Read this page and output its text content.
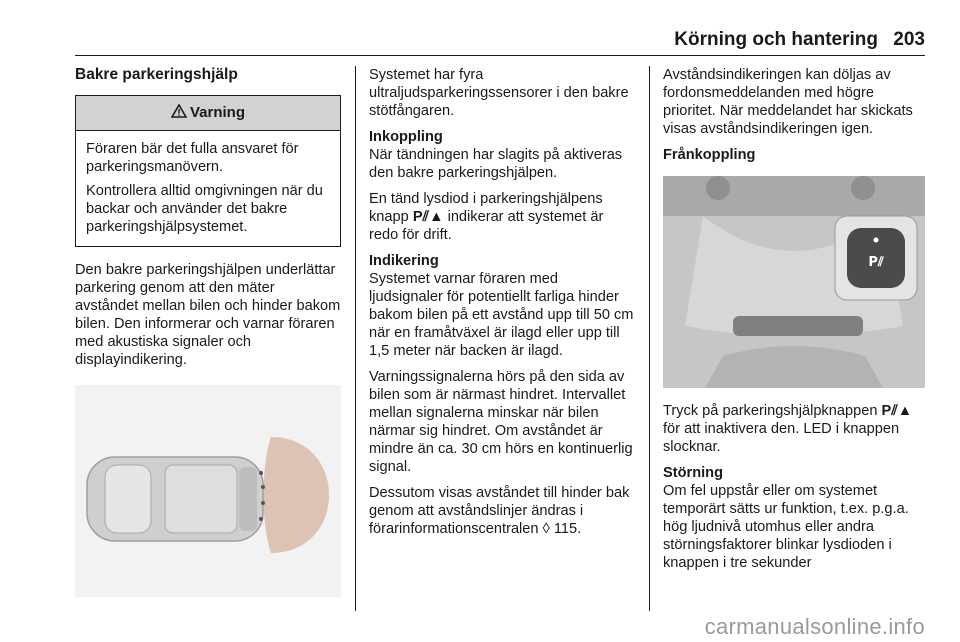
Körning och hantering 203
Bakre parkeringshjälp
Varning

Föraren bär det fulla ansvaret för parkeringsmanövern.

Kontrollera alltid omgivningen när du backar och använder det bakre parkeringshjälpsystemet.

Den bakre parkeringshjälpen underlättar parkering genom att den mäter avståndet mellan bilen och hinder bakom bilen. Den informerar och varnar föraren med akustiska signaler och displayindikering.

Systemet har fyra ultraljudsparkeringssensorer i den bakre stötfångaren.

Inkoppling

När tändningen har slagits på aktiveras den bakre parkeringshjälpen.

En tänd lysdiod i parkeringshjälpens knapp P⫽▲ indikerar att systemet är redo för drift.

Indikering

Systemet varnar föraren med ljudsignaler för potentiellt farliga hinder bakom bilen på ett avstånd upp till 50 cm när en framåtväxel är ilagd eller upp till 1,5 meter när backen är ilagd.

Varningssignalerna hörs på den sida av bilen som är närmast hindret. Intervallet mellan signalerna minskar när bilen närmar sig hindret. Om avståndet är mindre än ca. 30 cm hörs en kontinuerlig signal.

Dessutom visas avståndet till hinder bak genom att avståndslinjer ändras i förarinformationscentralen ◊ 115.

Avståndsindikeringen kan döljas av fordonsmeddelanden med högre prioritet. När meddelandet har skickats visas avståndsindikeringen igen.

Frånkoppling

P⫽

Tryck på parkeringshjälpknappen P⫽▲ för att inaktivera den. LED i knappen slocknar.

Störning

Om fel uppstår eller om systemet temporärt sätts ur funktion, t.ex. p.g.a. hög ljudnivå utomhus eller andra störningsfaktorer blinkar lysdioden i knappen i tre sekunder

carmanualsonline.info
